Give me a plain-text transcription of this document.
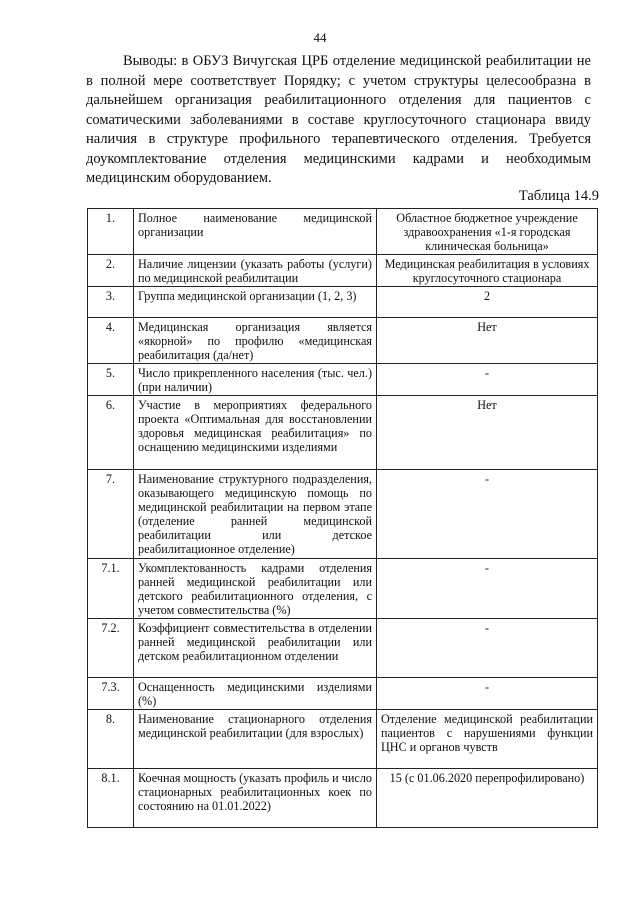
44

Выводы: в ОБУЗ Вичугская ЦРБ отделение медицинской реабилитации не в полной мере соответствует Порядку; с учетом структуры целесообразна в дальнейшем организация реабилитационного отделения для пациентов с соматическими заболеваниями в составе круглосуточного стационара ввиду наличия в структуре профильного терапевтического отделения. Требуется доукомплектование отделения медицинскими кадрами и необходимым медицинским оборудованием.

Таблица 14.9
1.	Полное наименование медицинской организации	Областное бюджетное учреждение здравоохранения «1-я городская клиническая больница»
2.	Наличие лицензии (указать работы (услуги) по медицинской реабилитации	Медицинская реабилитация в условиях круглосуточного стационара
3.	Группа медицинской организации (1, 2, 3)	2
4.	Медицинская организация является «якорной» по профилю «медицинская реабилитация (да/нет)	Нет
5.	Число прикрепленного населения (тыс. чел.) (при наличии)	-
6.	Участие в мероприятиях федерального проекта «Оптимальная для восстановлении здоровья медицинская реабилитация» по оснащению медицинскими изделиями	Нет
7.	Наименование структурного подразделения, оказывающего медицинскую помощь по медицинской реабилитации на первом этапе (отделение ранней медицинской реабилитации или детское реабилитационное отделение)	-
7.1.	Укомплектованность кадрами отделения ранней медицинской реабилитации или детского реабилитационного отделения, с учетом совместительства (%)	-
7.2.	Коэффициент совместительства в отделении ранней медицинской реабилитации или детском реабилитационном отделении	-
7.3.	Оснащенность медицинскими изделиями (%)	-
8.	Наименование стационарного отделения медицинской реабилитации (для взрослых)	Отделение медицинской реабилитации пациентов с нарушениями функции ЦНС и органов чувств
8.1.	Коечная мощность (указать профиль и число стационарных реабилитационных коек по состоянию на 01.01.2022)	15 (с 01.06.2020 перепрофилировано)
